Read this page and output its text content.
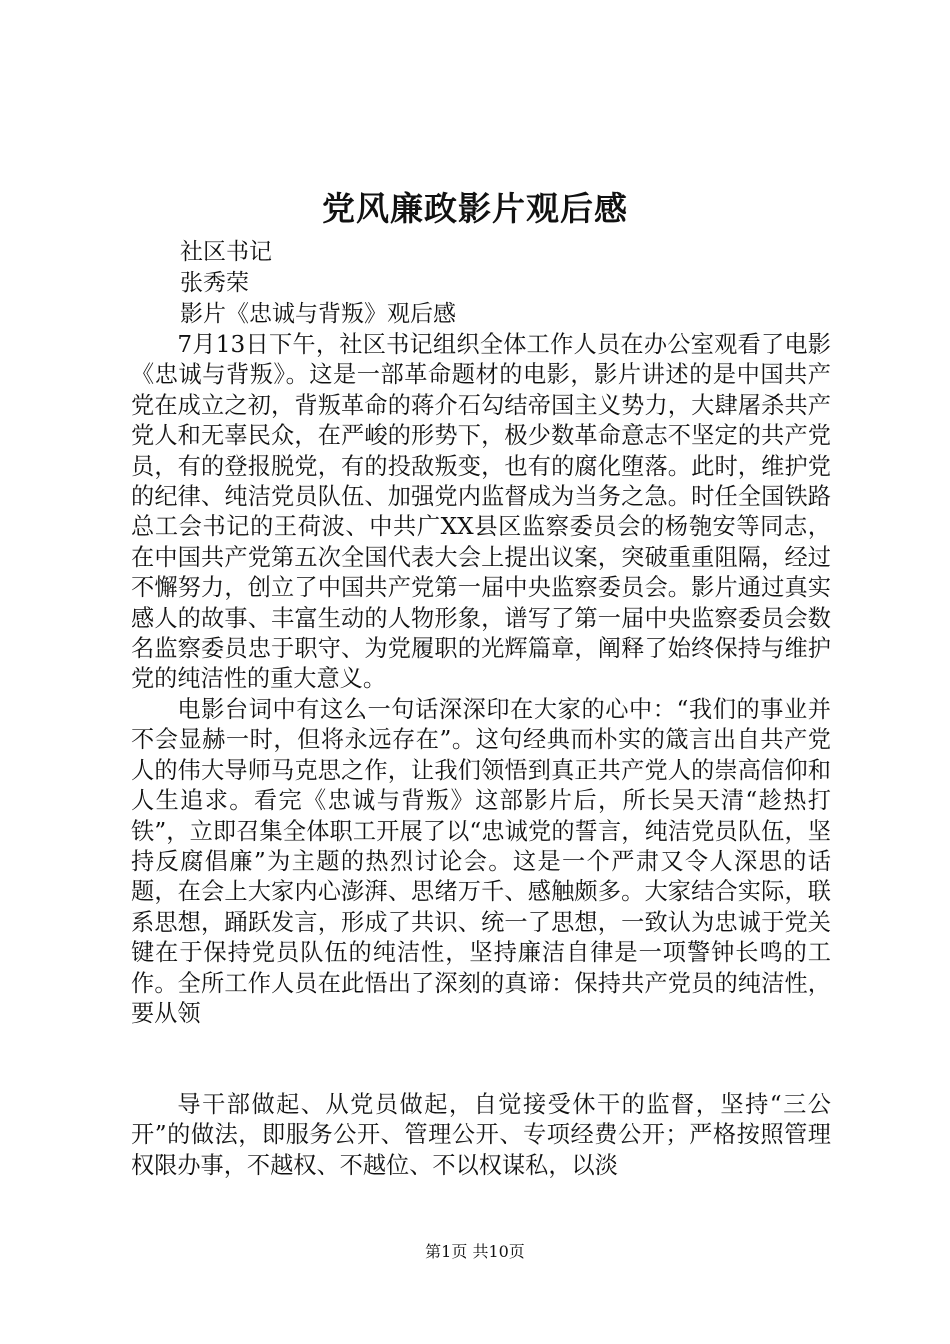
党风廉政影片观后感
社区书记
张秀荣
影片《忠诚与背叛》观后感

7月13日下午，社区书记组织全体工作人员在办公室观看了电影《忠诚与背叛》。这是一部革命题材的电影，影片讲述的是中国共产党在成立之初，背叛革命的蒋介石勾结帝国主义势力，大肆屠杀共产党人和无辜民众，在严峻的形势下，极少数革命意志不坚定的共产党员，有的登报脱党，有的投敌叛变，也有的腐化堕落。此时，维护党的纪律、纯洁党员队伍、加强党内监督成为当务之急。时任全国铁路总工会书记的王荷波、中共广XX县区监察委员会的杨匏安等同志，在中国共产党第五次全国代表大会上提出议案，突破重重阻隔，经过不懈努力，创立了中国共产党第一届中央监察委员会。影片通过真实感人的故事、丰富生动的人物形象，谱写了第一届中央监察委员会数名监察委员忠于职守、为党履职的光辉篇章，阐释了始终保持与维护党的纯洁性的重大意义。

电影台词中有这么一句话深深印在大家的心中：“我们的事业并不会显赫一时，但将永远存在”。这句经典而朴实的箴言出自共产党人的伟大导师马克思之作，让我们领悟到真正共产党人的崇高信仰和人生追求。看完《忠诚与背叛》这部影片后，所长吴天清“趁热打铁”，立即召集全体职工开展了以“忠诚党的誓言，纯洁党员队伍，坚持反腐倡廉”为主题的热烈讨论会。这是一个严肃又令人深思的话题，在会上大家内心澎湃、思绪万千、感触颇多。大家结合实际，联系思想，踊跃发言，形成了共识、统一了思想，一致认为忠诚于党关键在于保持党员队伍的纯洁性，坚持廉洁自律是一项警钟长鸣的工作。全所工作人员在此悟出了深刻的真谛：保持共产党员的纯洁性，要从领

导干部做起、从党员做起，自觉接受休干的监督，坚持“三公开”的做法，即服务公开、管理公开、专项经费公开；严格按照管理权限办事，不越权、不越位、不以权谋私，以淡

第1页 共10页
